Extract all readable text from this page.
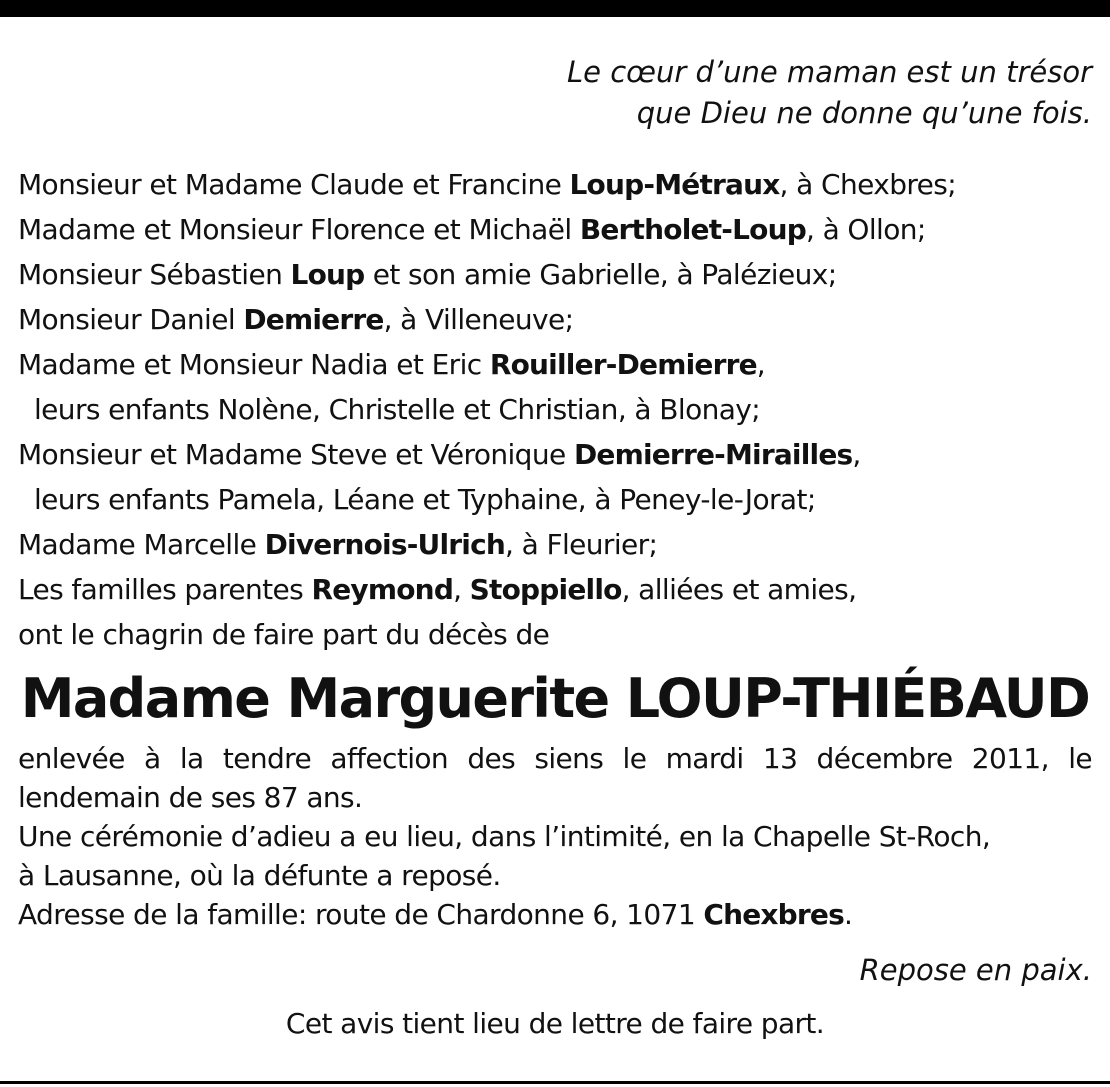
Le cœur d’une maman est un trésor
que Dieu ne donne qu’une fois.
Monsieur et Madame Claude et Francine Loup-Métraux, à Chexbres;
Madame et Monsieur Florence et Michaël Bertholet-Loup, à Ollon;
Monsieur Sébastien Loup et son amie Gabrielle, à Palézieux;
Monsieur Daniel Demierre, à Villeneuve;
Madame et Monsieur Nadia et Eric Rouiller-Demierre,
leurs enfants Nolène, Christelle et Christian, à Blonay;
Monsieur et Madame Steve et Véronique Demierre-Mirailles,
leurs enfants Pamela, Léane et Typhaine, à Peney-le-Jorat;
Madame Marcelle Divernois-Ulrich, à Fleurier;
Les familles parentes Reymond, Stoppiello, alliées et amies,
ont le chagrin de faire part du décès de
Madame Marguerite LOUP-THIÉBAUD
enlevée à la tendre affection des siens le mardi 13 décembre 2011, le
lendemain de ses 87 ans.
Une cérémonie d’adieu a eu lieu, dans l’intimité, en la Chapelle St-Roch,
à Lausanne, où la défunte a reposé.
Adresse de la famille: route de Chardonne 6, 1071 Chexbres.
Repose en paix.
Cet avis tient lieu de lettre de faire part.
